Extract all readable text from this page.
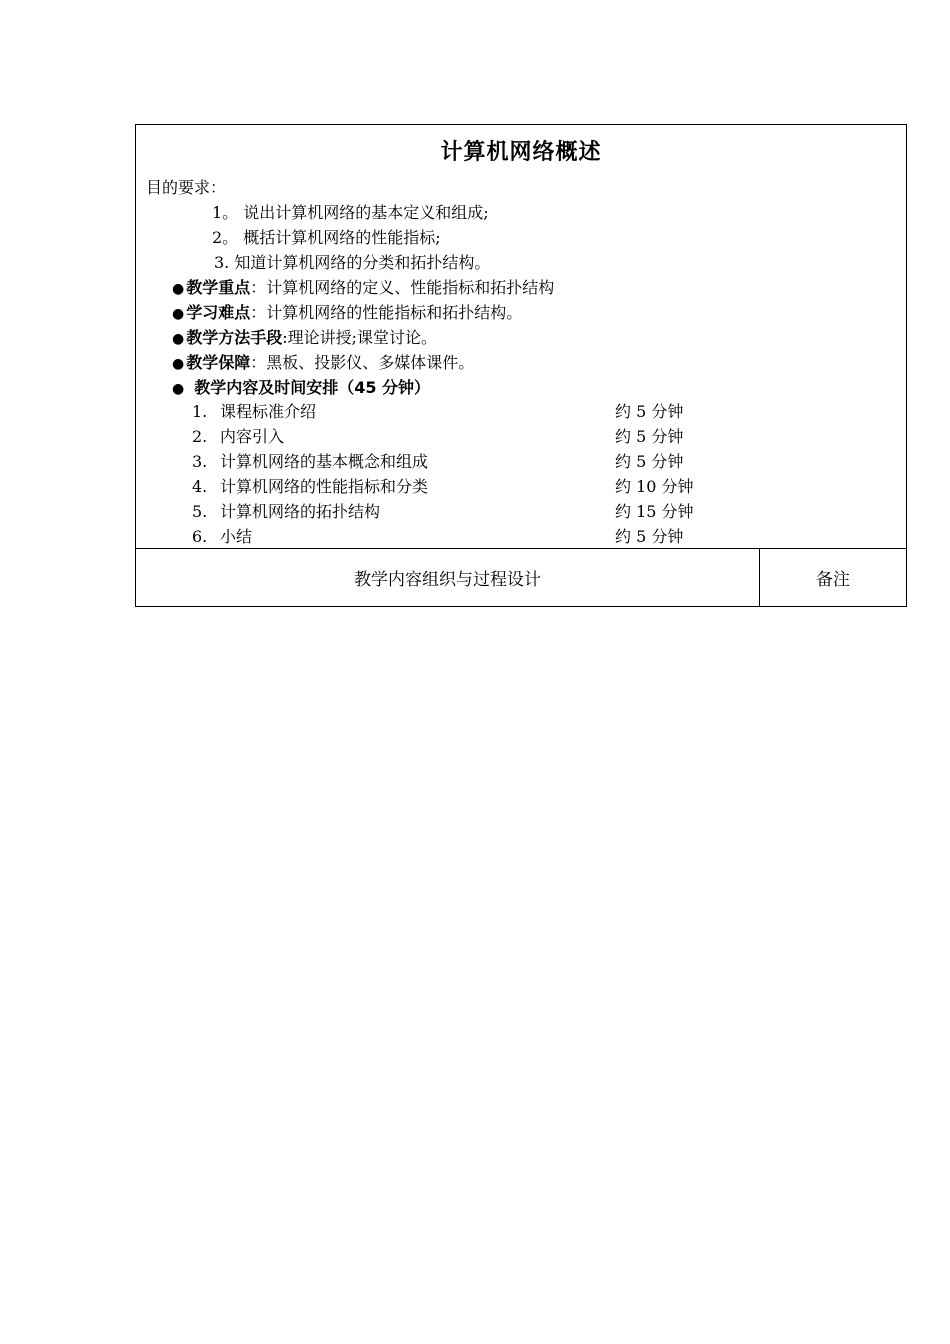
计算机网络概述
目的要求：
1。 说出计算机网络的基本定义和组成;
2。 概括计算机网络的性能指标;
3. 知道计算机网络的分类和拓扑结构。
● 教学重点：计算机网络的定义、性能指标和拓扑结构
● 学习难点：计算机网络的性能指标和拓扑结构。
● 教学方法手段:理论讲授;课堂讨论。
● 教学保障：黑板、投影仪、多媒体课件。
● 教学内容及时间安排（45 分钟）
1. 课程标准介绍	约 5 分钟
2. 内容引入	约 5 分钟
3. 计算机网络的基本概念和组成	约 5 分钟
4. 计算机网络的性能指标和分类	约 10 分钟
5. 计算机网络的拓扑结构	约 15 分钟
6. 小结	约 5 分钟
教学内容组织与过程设计	备注
